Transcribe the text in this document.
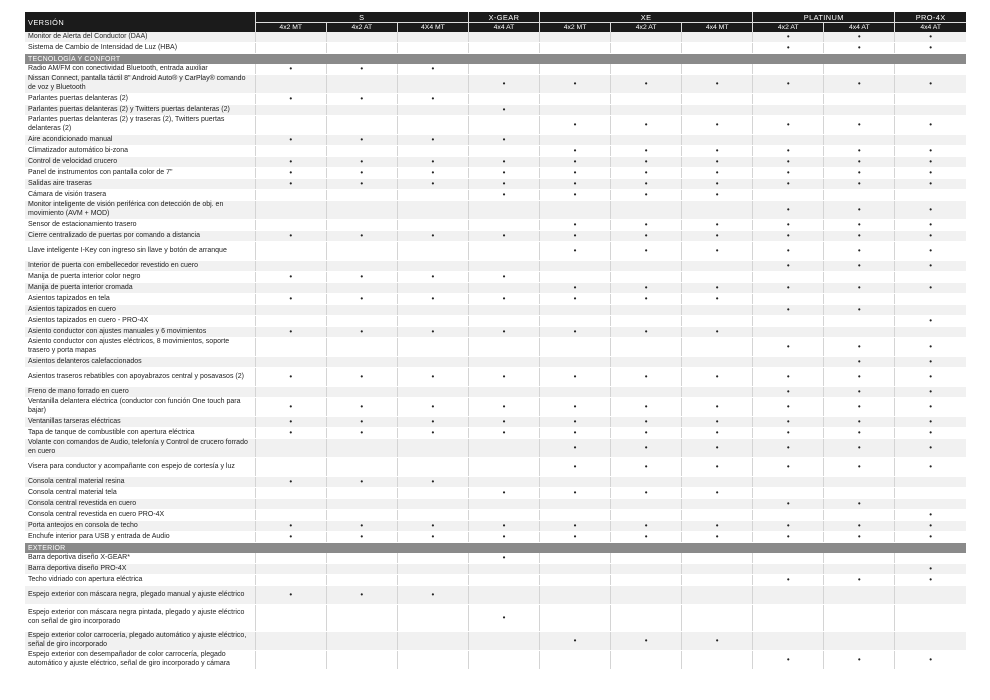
VERSIÓN	S			X-GEAR	XE			PLATINUM		PRO-4X
	4x2 MT	4x2 AT	4X4 MT	4x4 AT	4x2 MT	4x2 AT	4x4 MT	4x2 AT	4x4 AT	4x4 AT
Monitor de Alerta del Conductor (DAA)								•	•	•
Sistema de Cambio de Intensidad de Luz (HBA)								•	•	•
TECNOLOGÍA Y CONFORT										
Radio AM/FM con conectividad Bluetooth, entrada auxiliar	•	•	•							
Nissan Connect, pantalla táctil 8" Android Auto® y CarPlay® comando de voz y Bluetooth				•	•	•	•	•	•	•
Parlantes puertas delanteras (2)	•	•	•							
Parlantes puertas delanteras (2) y Twitters puertas delanteras (2)				•						
Parlantes puertas delanteras (2) y traseras (2), Twitters puertas delanteras (2)					•	•	•	•	•	•
Aire acondicionado manual	•	•	•	•						
Climatizador automático bi-zona					•	•	•	•	•	•
Control de velocidad crucero	•	•	•	•	•	•	•	•	•	•
Panel de instrumentos con pantalla color de 7"	•	•	•	•	•	•	•	•	•	•
Salidas aire traseras	•	•	•	•	•	•	•	•	•	•
Cámara de visión trasera				•	•	•	•			
Monitor inteligente de visión periférica con detección de obj. en movimiento (AVM + MOD)								•	•	•
Sensor de estacionamiento trasero					•	•	•	•	•	•
Cierre centralizado de puertas por comando a distancia	•	•	•	•	•	•	•	•	•	•
Llave inteligente I-Key con ingreso sin llave y botón de arranque					•	•	•	•	•	•
Interior de puerta con embellecedor revestido en cuero								•	•	•
Manija de puerta interior color negro	•	•	•	•						
Manija de puerta interior cromada					•	•	•	•	•	•
Asientos tapizados en tela	•	•	•	•	•	•	•			
Asientos tapizados en cuero								•	•	
Asientos tapizados en cuero - PRO-4X										•
Asiento conductor con ajustes manuales y 6 movimientos	•	•	•	•	•	•	•			
Asiento conductor con ajustes eléctricos, 8 movimientos, soporte trasero y porta mapas								•	•	•
Asientos delanteros calefaccionados									•	•
Asientos traseros rebatibles con apoyabrazos central y posavasos (2)	•	•	•	•	•	•	•	•	•	•
Freno de mano forrado en cuero								•	•	•
Ventanilla delantera eléctrica (conductor con función One touch para bajar)	•	•	•	•	•	•	•	•	•	•
Ventanillas tarseras eléctricas	•	•	•	•	•	•	•	•	•	•
Tapa de tanque de combustible con apertura eléctrica	•	•	•	•	•	•	•	•	•	•
Volante con comandos de Audio, telefonía y Control de crucero forrado en cuero					•	•	•	•	•	•
Visera para conductor y acompañante con espejo de cortesía y luz					•	•	•	•	•	•
Consola central material resina	•	•	•							
Consola central material tela				•	•	•	•			
Consola central revestida en cuero								•	•	
Consola central revestida en cuero PRO-4X										•
Porta anteojos en consola de techo	•	•	•	•	•	•	•	•	•	•
Enchufe interior para USB y entrada de Audio	•	•	•	•	•	•	•	•	•	•
EXTERIOR										
Barra deportiva diseño X-GEAR*				•						
Barra deportiva diseño PRO-4X										•
Techo vidriado con apertura eléctrica								•	•	•
Espejo exterior con máscara negra, plegado manual y ajuste eléctrico	•	•	•							
Espejo exterior con máscara negra pintada, plegado y ajuste eléctrico con señal de giro incorporado				•						
Espejo exterior color carrocería, plegado automático y ajuste eléctrico, señal de giro incorporado					•	•	•			
Espejo exterior con desempañador de color carrocería, plegado automático y ajuste eléctrico, señal de giro incorporado y cámara								•	•	•
